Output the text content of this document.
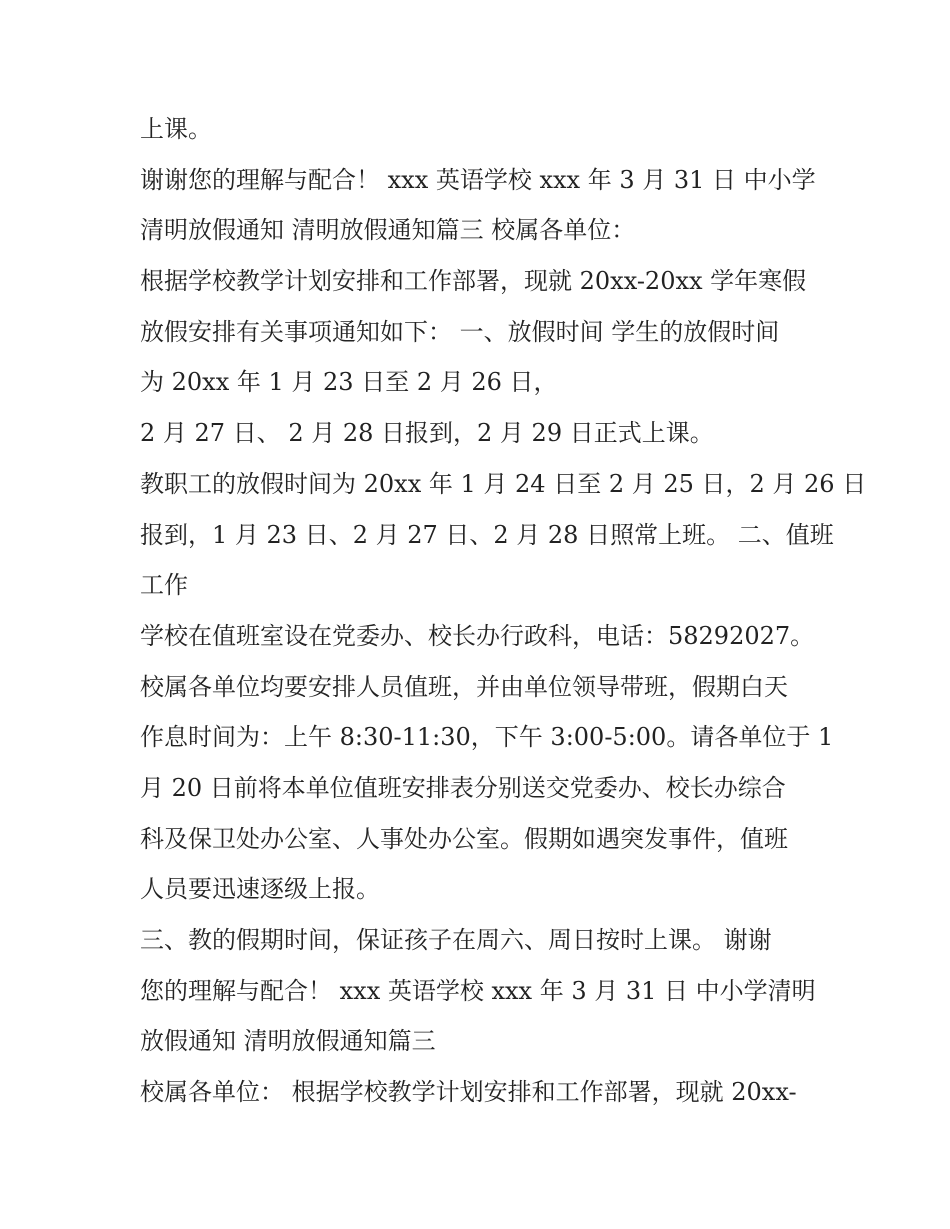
上课。
谢谢您的理解与配合！ xxx 英语学校 xxx 年 3 月 31 日 中小学
清明放假通知 清明放假通知篇三 校属各单位：
根据学校教学计划安排和工作部署，现就 20xx-20xx 学年寒假
放假安排有关事项通知如下： 一、放假时间 学生的放假时间
为 20xx 年 1 月 23 日至 2 月 26 日，
2 月 27 日、 2 月 28 日报到，2 月 29 日正式上课。
教职工的放假时间为 20xx 年 1 月 24 日至 2 月 25 日，2 月 26 日
报到，1 月 23 日、2 月 27 日、2 月 28 日照常上班。 二、值班
工作
学校在值班室设在党委办、校长办行政科，电话：58292027。
校属各单位均要安排人员值班，并由单位领导带班，假期白天
作息时间为：上午 8:30-11:30，下午 3:00-5:00。请各单位于 1
月 20 日前将本单位值班安排表分别送交党委办、校长办综合
科及保卫处办公室、人事处办公室。假期如遇突发事件，值班
人员要迅速逐级上报。
三、教的假期时间，保证孩子在周六、周日按时上课。 谢谢
您的理解与配合！ xxx 英语学校 xxx 年 3 月 31 日 中小学清明
放假通知 清明放假通知篇三
校属各单位： 根据学校教学计划安排和工作部署，现就 20xx-
